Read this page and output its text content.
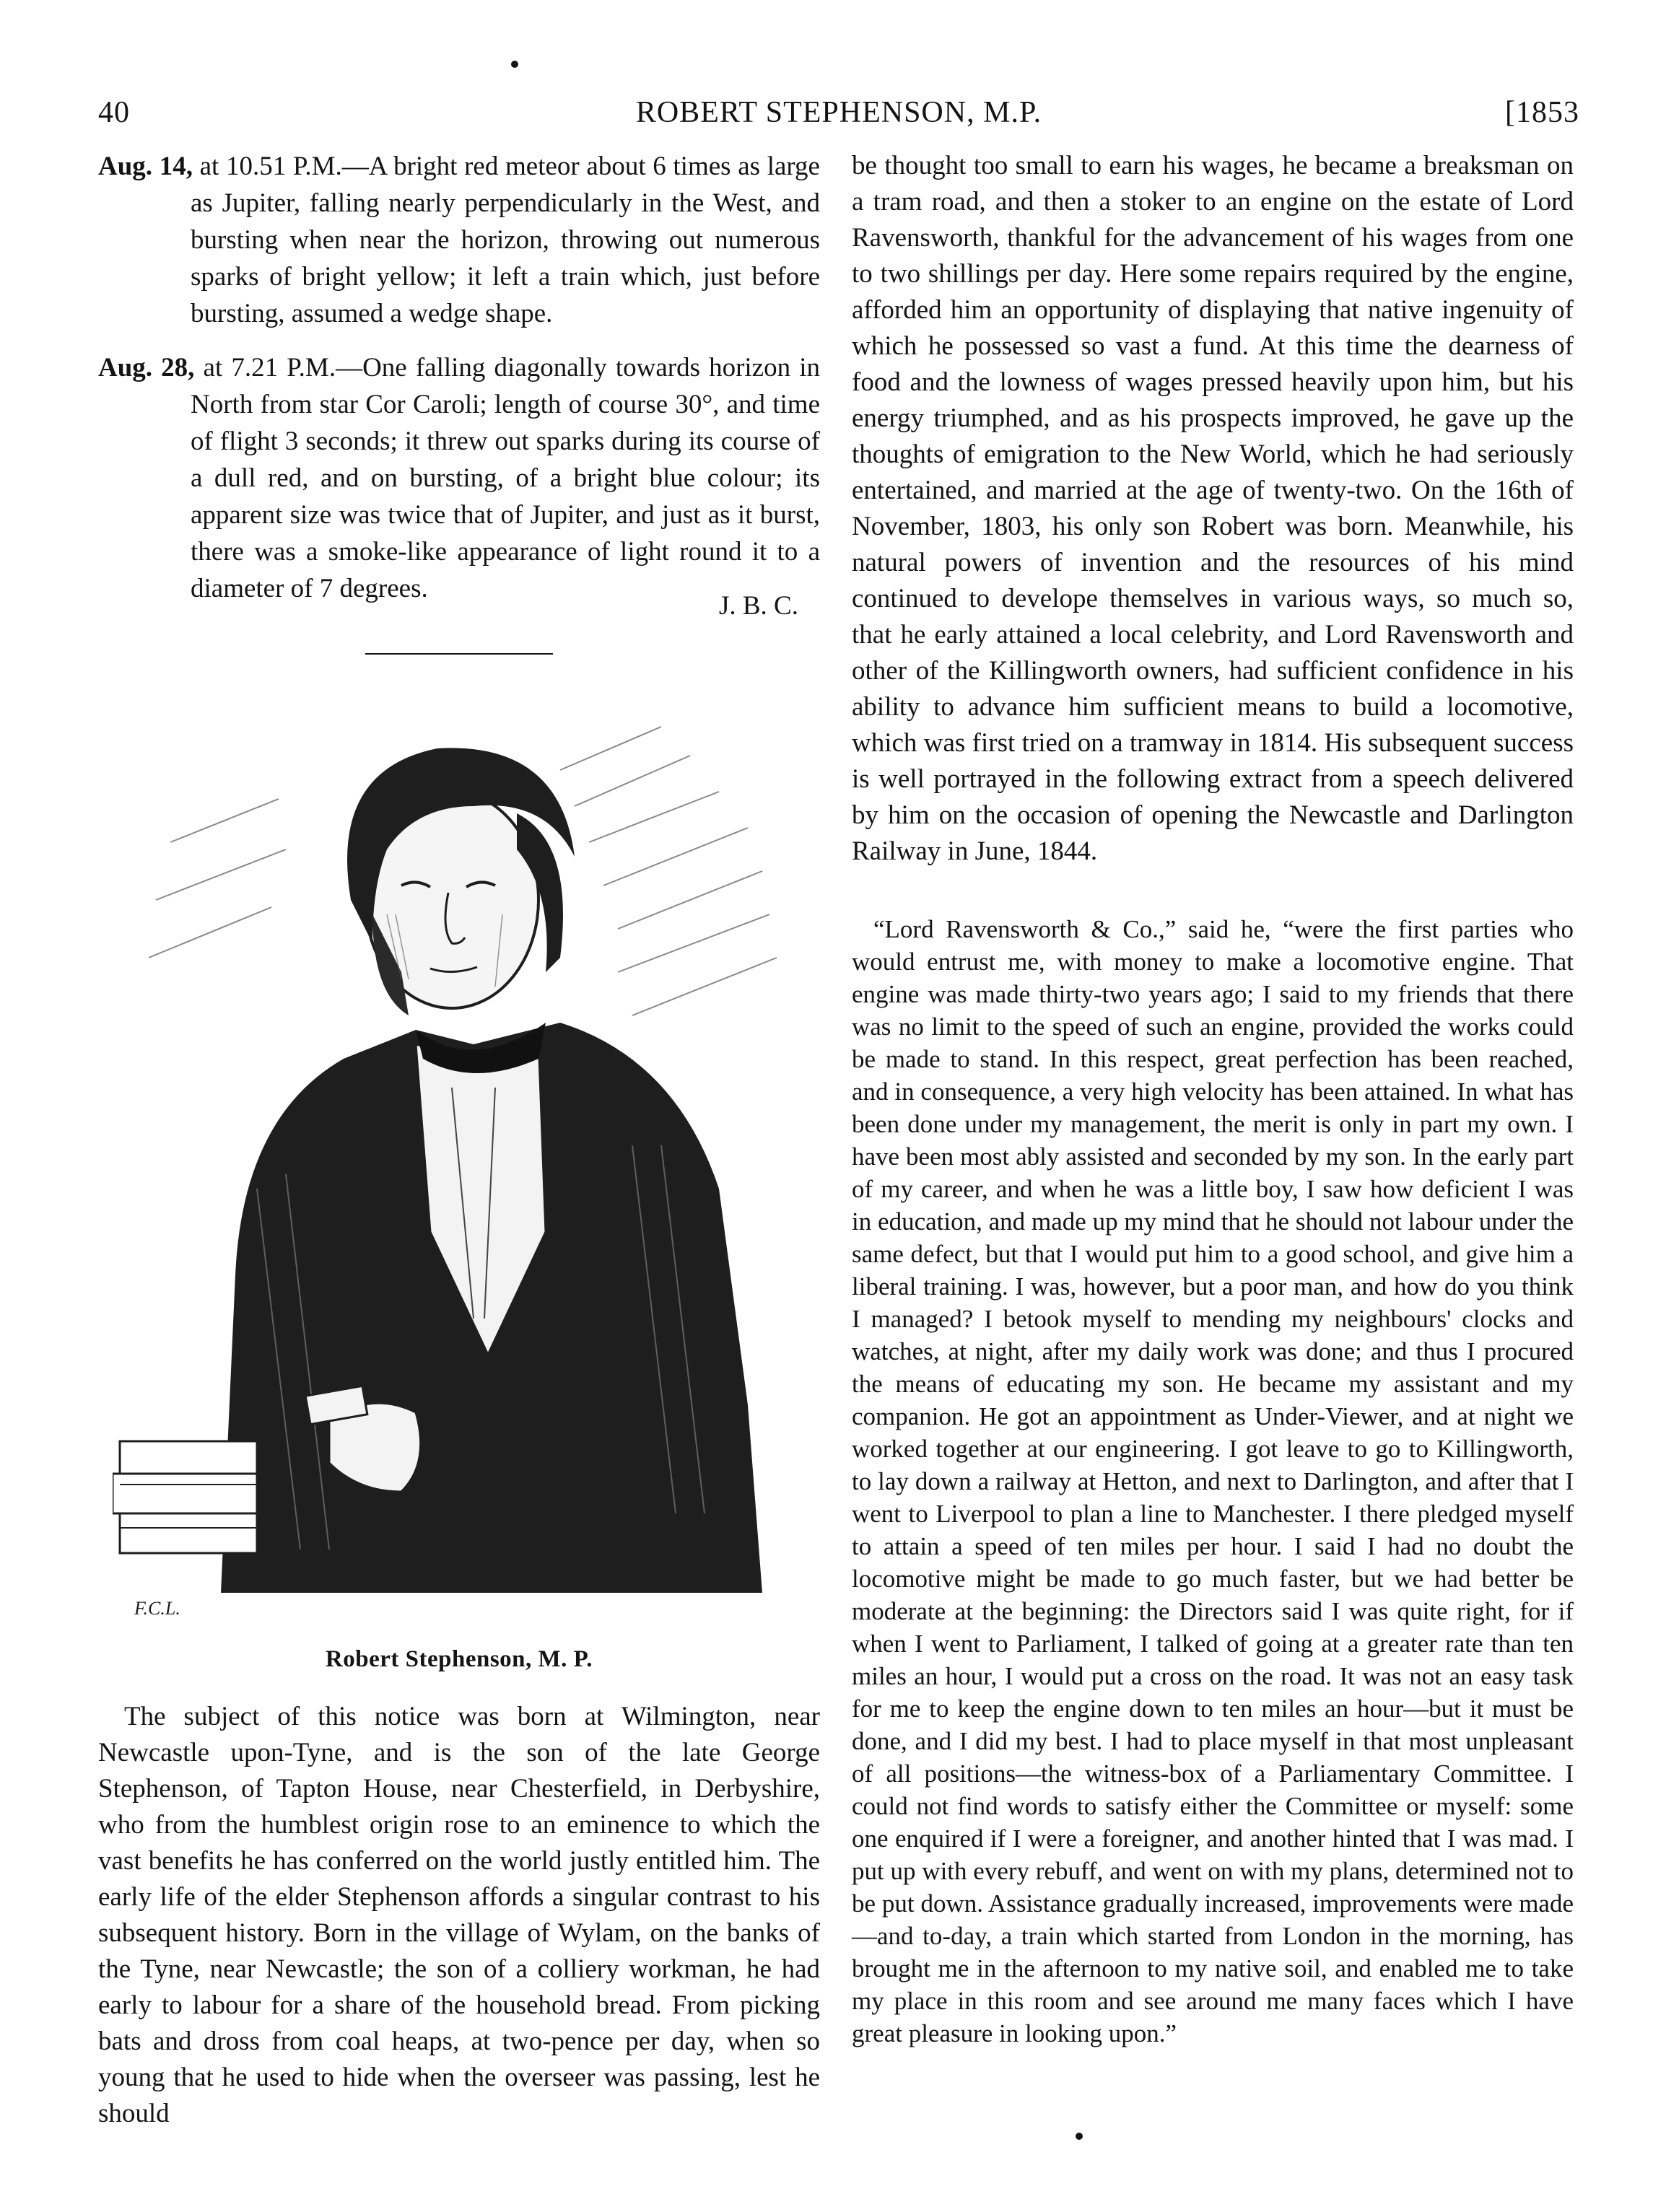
40	ROBERT STEPHENSON, M.P.	[1853

Aug. 14, at 10.51 P.M.—A bright red meteor about 6 times as large as Jupiter, falling nearly perpendicularly in the West, and bursting when near the horizon, throwing out numerous sparks of bright yellow; it left a train which, just before bursting, assumed a wedge shape.

Aug. 28, at 7.21 P.M.—One falling diagonally towards horizon in North from star Cor Caroli; length of course 30°, and time of flight 3 seconds; it threw out sparks during its course of a dull red, and on bursting, of a bright blue colour; its apparent size was twice that of Jupiter, and just as it burst, there was a smoke-like appearance of light round it to a diameter of 7 degrees.

J. B. C.
F.C.L.
Robert Stephenson, M. P.

The subject of this notice was born at Wilmington, near Newcastle upon-Tyne, and is the son of the late George Stephenson, of Tapton House, near Chesterfield, in Derbyshire, who from the humblest origin rose to an eminence to which the vast benefits he has conferred on the world justly entitled him. The early life of the elder Stephenson affords a singular contrast to his subsequent history. Born in the village of Wylam, on the banks of the Tyne, near Newcastle; the son of a colliery workman, he had early to labour for a share of the household bread. From picking bats and dross from coal heaps, at two-pence per day, when so young that he used to hide when the overseer was passing, lest he should

be thought too small to earn his wages, he became a breaksman on a tram road, and then a stoker to an engine on the estate of Lord Ravensworth, thankful for the advancement of his wages from one to two shillings per day. Here some repairs required by the engine, afforded him an opportunity of displaying that native ingenuity of which he possessed so vast a fund. At this time the dearness of food and the lowness of wages pressed heavily upon him, but his energy triumphed, and as his prospects improved, he gave up the thoughts of emigration to the New World, which he had seriously entertained, and married at the age of twenty-two. On the 16th of November, 1803, his only son Robert was born. Meanwhile, his natural powers of invention and the resources of his mind continued to develope themselves in various ways, so much so, that he early attained a local celebrity, and Lord Ravensworth and other of the Killingworth owners, had sufficient confidence in his ability to advance him sufficient means to build a locomotive, which was first tried on a tramway in 1814. His subsequent success is well portrayed in the following extract from a speech delivered by him on the occasion of opening the Newcastle and Darlington Railway in June, 1844.

“Lord Ravensworth & Co.,” said he, “were the first parties who would entrust me, with money to make a locomotive engine. That engine was made thirty-two years ago; I said to my friends that there was no limit to the speed of such an engine, provided the works could be made to stand. In this respect, great perfection has been reached, and in consequence, a very high velocity has been attained. In what has been done under my management, the merit is only in part my own. I have been most ably assisted and seconded by my son. In the early part of my career, and when he was a little boy, I saw how deficient I was in education, and made up my mind that he should not labour under the same defect, but that I would put him to a good school, and give him a liberal training. I was, however, but a poor man, and how do you think I managed? I betook myself to mending my neighbours' clocks and watches, at night, after my daily work was done; and thus I procured the means of educating my son. He became my assistant and my companion. He got an appointment as Under-Viewer, and at night we worked together at our engineering. I got leave to go to Killingworth, to lay down a railway at Hetton, and next to Darlington, and after that I went to Liverpool to plan a line to Manchester. I there pledged myself to attain a speed of ten miles per hour. I said I had no doubt the locomotive might be made to go much faster, but we had better be moderate at the beginning: the Directors said I was quite right, for if when I went to Parliament, I talked of going at a greater rate than ten miles an hour, I would put a cross on the road. It was not an easy task for me to keep the engine down to ten miles an hour—but it must be done, and I did my best. I had to place myself in that most unpleasant of all positions—the witness-box of a Parliamentary Committee. I could not find words to satisfy either the Committee or myself: some one enquired if I were a foreigner, and another hinted that I was mad. I put up with every rebuff, and went on with my plans, determined not to be put down. Assistance gradually increased, improvements were made—and to-day, a train which started from London in the morning, has brought me in the afternoon to my native soil, and enabled me to take my place in this room and see around me many faces which I have great pleasure in looking upon.”
